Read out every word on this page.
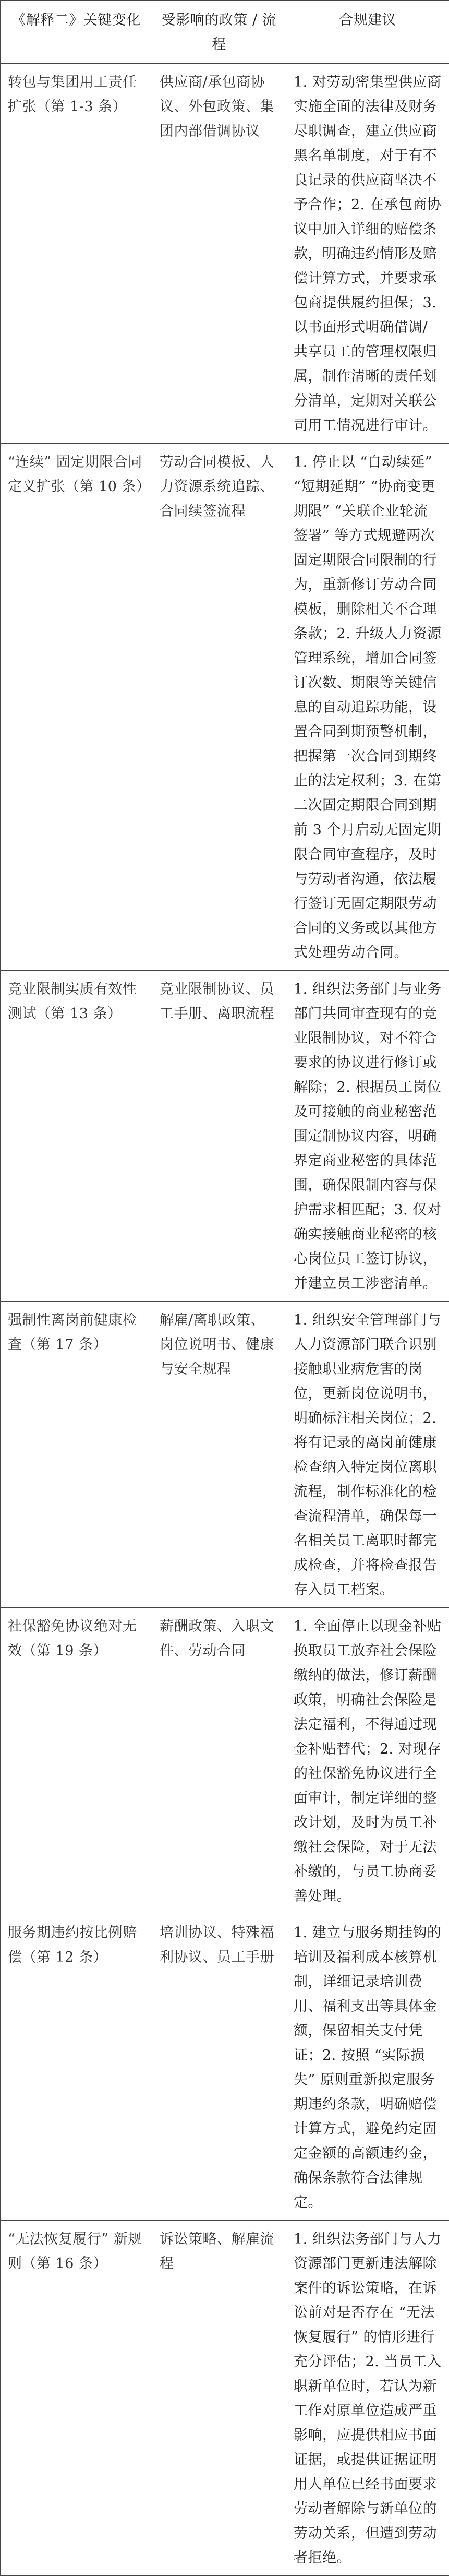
《解释二》关键变化	受影响的政策 / 流程	合规建议
转包与集团用工责任扩张（第 1-3 条）	供应商/承包商协议、外包政策、集团内部借调协议	1. 对劳动密集型供应商实施全面的法律及财务尽职调查，建立供应商黑名单制度，对于有不良记录的供应商坚决不予合作；2. 在承包商协议中加入详细的赔偿条款，明确违约情形及赔偿计算方式，并要求承包商提供履约担保；3. 以书面形式明确借调/共享员工的管理权限归属，制作清晰的责任划分清单，定期对关联公司用工情况进行审计。
“连续” 固定期限合同定义扩张（第 10 条）	劳动合同模板、人力资源系统追踪、合同续签流程	1. 停止以 “自动续延” “短期延期” “协商变更期限” “关联企业轮流签署” 等方式规避两次固定期限合同限制的行为，重新修订劳动合同模板，删除相关不合理条款；2. 升级人力资源管理系统，增加合同签订次数、期限等关键信息的自动追踪功能，设置合同到期预警机制，把握第一次合同到期终止的法定权利；3. 在第二次固定期限合同到期前 3 个月启动无固定期限合同审查程序，及时与劳动者沟通，依法履行签订无固定期限劳动合同的义务或以其他方式处理劳动合同。
竞业限制实质有效性测试（第 13 条）	竞业限制协议、员工手册、离职流程	1. 组织法务部门与业务部门共同审查现有的竞业限制协议，对不符合要求的协议进行修订或解除；2. 根据员工岗位及可接触的商业秘密范围定制协议内容，明确界定商业秘密的具体范围，确保限制内容与保护需求相匹配；3. 仅对确实接触商业秘密的核心岗位员工签订协议，并建立员工涉密清单。
强制性离岗前健康检查（第 17 条）	解雇/离职政策、岗位说明书、健康与安全规程	1. 组织安全管理部门与人力资源部门联合识别接触职业病危害的岗位，更新岗位说明书，明确标注相关岗位；2. 将有记录的离岗前健康检查纳入特定岗位离职流程，制作标准化的检查流程清单，确保每一名相关员工离职时都完成检查，并将检查报告存入员工档案。
社保豁免协议绝对无效（第 19 条）	薪酬政策、入职文件、劳动合同	1. 全面停止以现金补贴换取员工放弃社会保险缴纳的做法，修订薪酬政策，明确社会保险是法定福利，不得通过现金补贴替代；2. 对现存的社保豁免协议进行全面审计，制定详细的整改计划，及时为员工补缴社会保险，对于无法补缴的，与员工协商妥善处理。
服务期违约按比例赔偿（第 12 条）	培训协议、特殊福利协议、员工手册	1. 建立与服务期挂钩的培训及福利成本核算机制，详细记录培训费用、福利支出等具体金额，保留相关支付凭证；2. 按照 “实际损失” 原则重新拟定服务期违约条款，明确赔偿计算方式，避免约定固定金额的高额违约金，确保条款符合法律规定。
“无法恢复履行” 新规则（第 16 条）	诉讼策略、解雇流程	1. 组织法务部门与人力资源部门更新违法解除案件的诉讼策略，在诉讼前对是否存在 “无法恢复履行” 的情形进行充分评估；2. 当员工入职新单位时，若认为新工作对原单位造成严重影响，应提供相应书面证据，或提供证据证明用人单位已经书面要求劳动者解除与新单位的劳动关系，但遭到劳动者拒绝。
